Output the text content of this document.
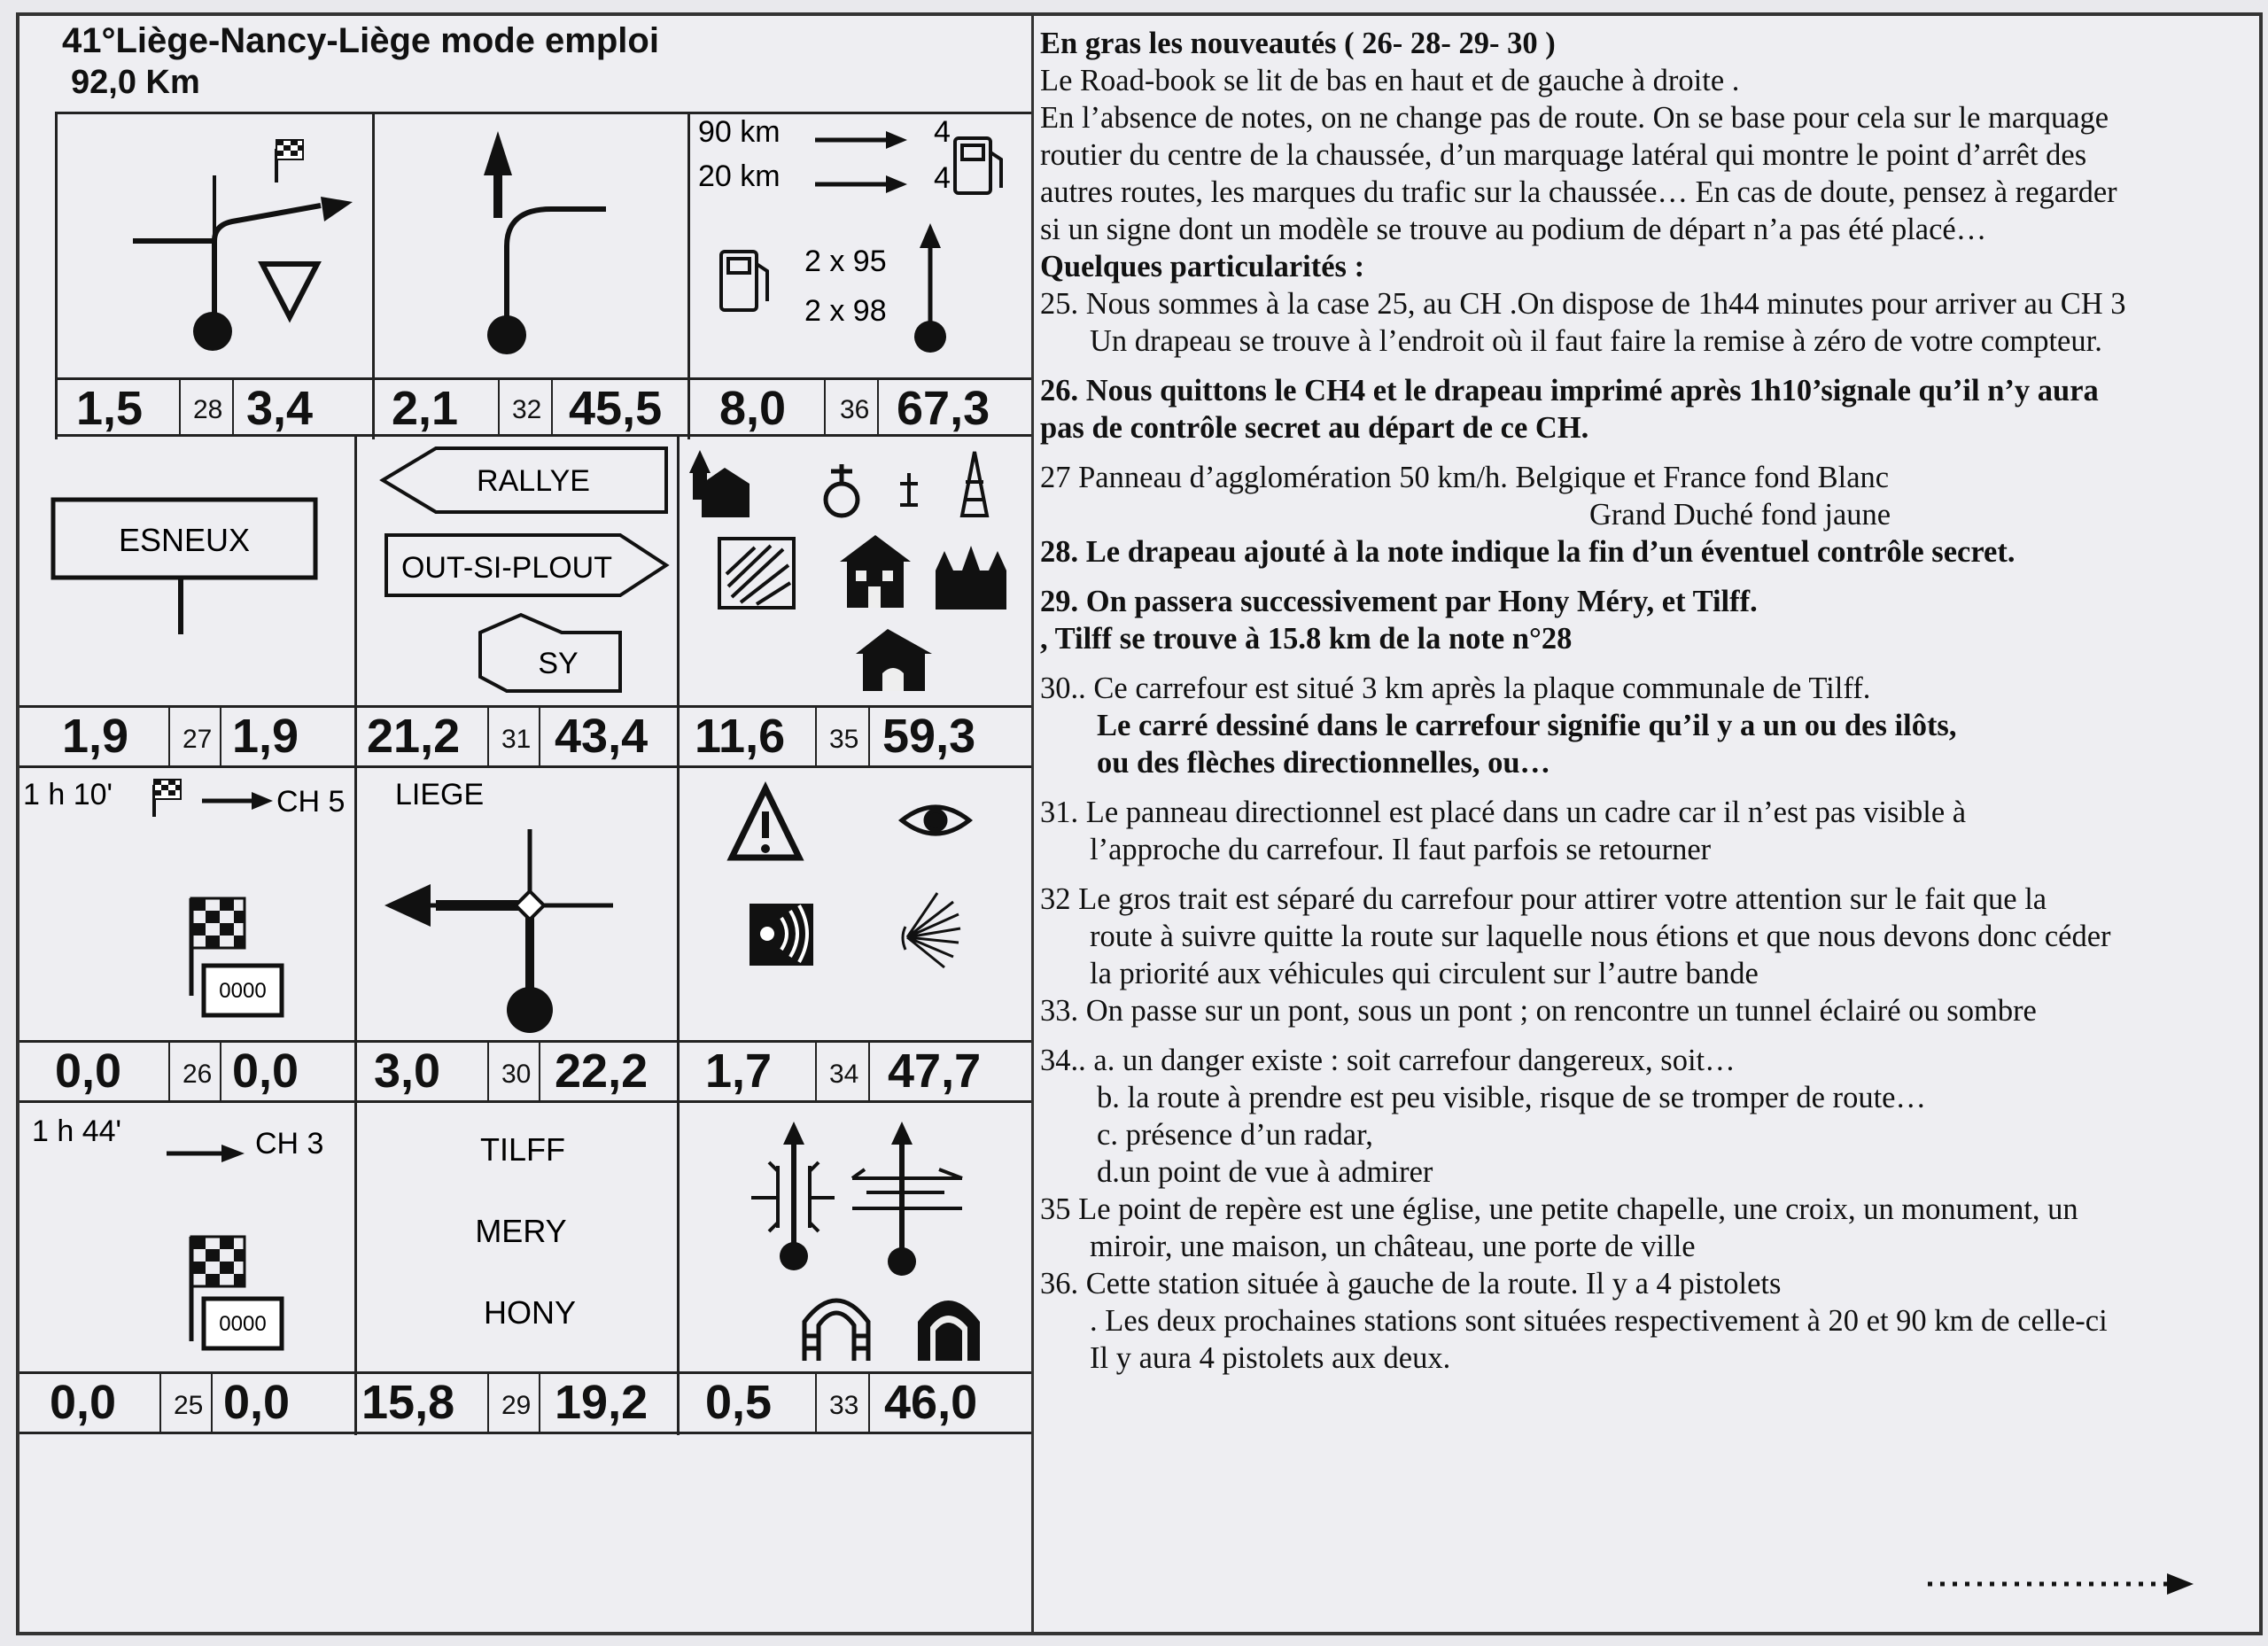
41°Liège-Nancy-Liège mode emploi
92,0 Km
1,5 28 3,4 2,1 32 45,5 8,0 36 67,3
1,9 27 1,9 21,2 31 43,4 11,6 35 59,3
0,0 26 0,0 3,0 30 22,2 1,7 34 47,7
0,0 25 0,0 15,8 29 19,2 0,5 33 46,0
90 km
20 km
4
4
2 x 95
2 x 98
ESNEUX
RALLYE
OUT-SI-PLOUT
SY
1 h 10'	CH 5
0000
LIEGE
1 h 44'	CH 3
0000
TILFF
MERY
HONY

En gras les nouveautés ( 26- 28- 29- 30 )

Le Road-book se lit de bas en haut et de gauche à droite .

En l’absence de notes, on ne change pas de route. On se base pour cela sur le marquage

routier du centre de la chaussée, d’un marquage latéral qui montre le point d’arrêt des

autres routes, les marques du trafic sur la chaussée… En cas de doute, pensez à regarder

si un signe dont un modèle se trouve au podium de départ n’a pas été placé…

Quelques particularités :

25. Nous sommes à la case 25, au CH .On dispose de 1h44 minutes pour arriver au CH 3

Un drapeau se trouve à l’endroit où il faut faire la remise à zéro de votre compteur.

26. Nous quittons le CH4 et le drapeau imprimé après 1h10’signale qu’il n’y aura

pas de contrôle secret au départ de ce CH.

27 Panneau d’agglomération 50 km/h. Belgique et France fond Blanc

Grand Duché fond jaune

28. Le drapeau ajouté à la note indique la fin d’un éventuel contrôle secret.

29. On passera successivement par Hony Méry, et Tilff.

, Tilff se trouve à 15.8 km de la note n°28

30.. Ce carrefour est situé 3 km après la plaque communale de Tilff.

Le carré dessiné dans le carrefour signifie qu’il y a un ou des ilôts,

ou des flèches directionnelles, ou…

31. Le panneau directionnel est placé dans un cadre car il n’est pas visible à

l’approche du carrefour. Il faut parfois se retourner

32 Le gros trait est séparé du carrefour pour attirer votre attention sur le fait que la

route à suivre quitte la route sur laquelle nous étions et que nous devons donc céder

la priorité aux véhicules qui circulent sur l’autre bande

33. On passe sur un pont, sous un pont ; on rencontre un tunnel éclairé ou sombre

34.. a. un danger existe : soit carrefour dangereux, soit…

b. la route à prendre est peu visible, risque de se tromper de route…

c. présence d’un radar,

d.un point de vue à admirer

35 Le point de repère est une église, une petite chapelle, une croix, un monument, un

miroir, une maison, un château, une porte de ville

36. Cette station située à gauche de la route. Il y a 4 pistolets

. Les deux prochaines stations sont situées respectivement à 20 et 90 km de celle-ci

Il y aura 4 pistolets aux deux.
